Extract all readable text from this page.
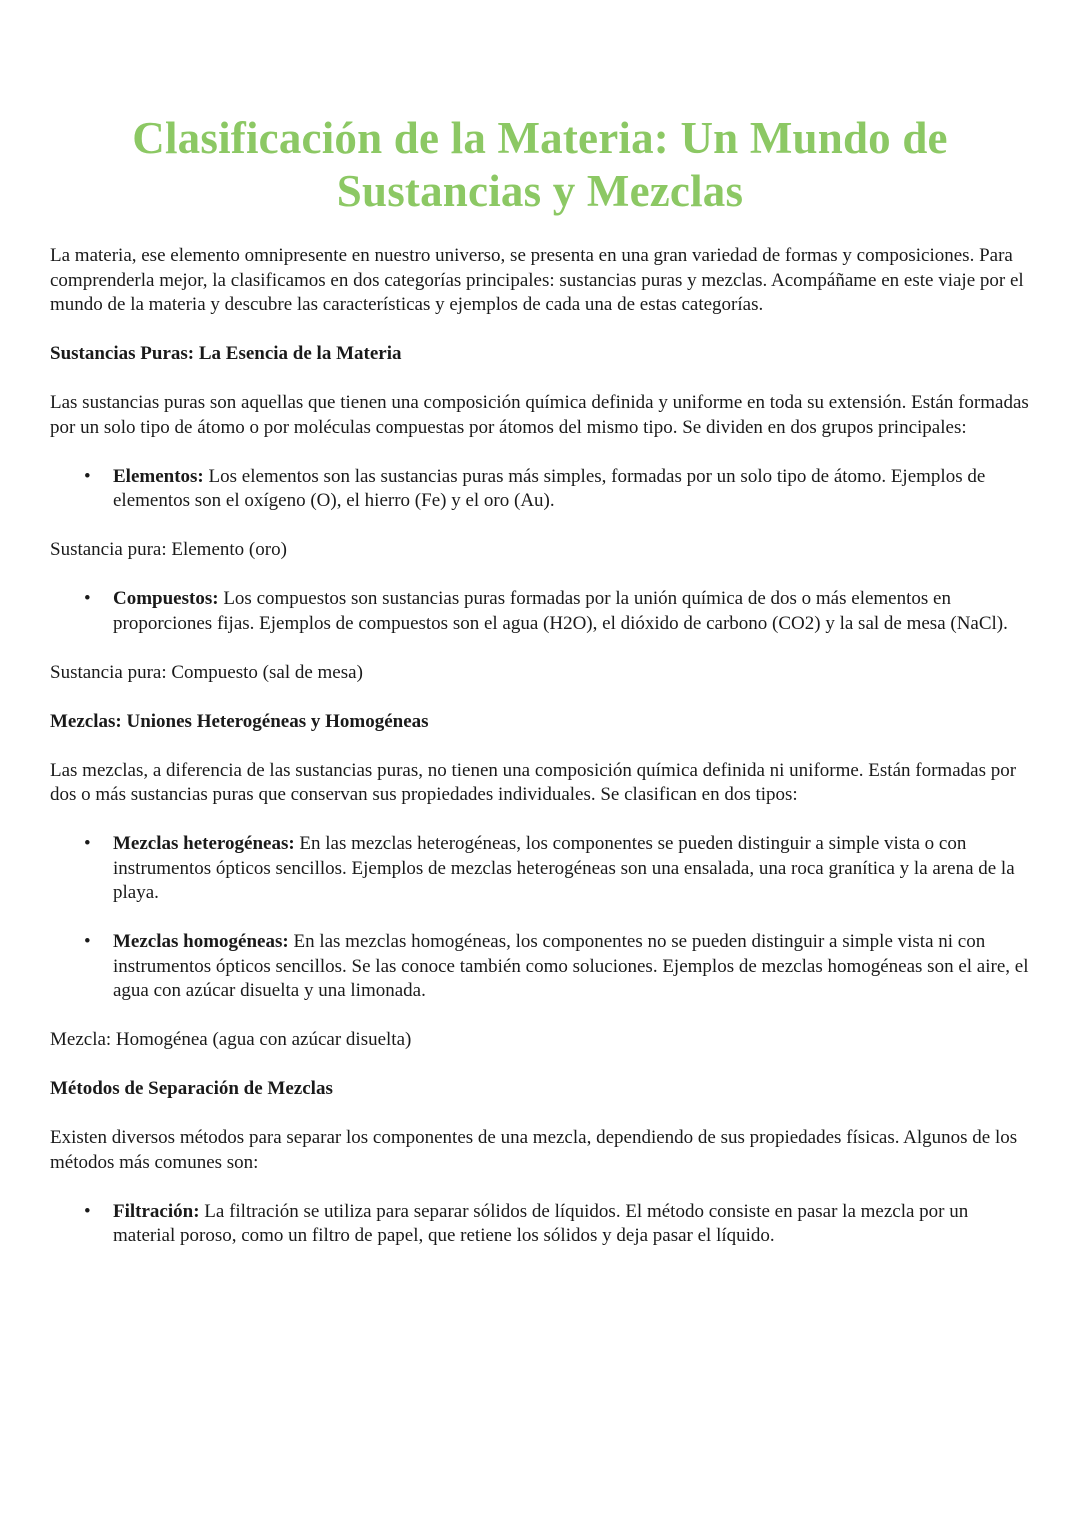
Clasificación de la Materia: Un Mundo de Sustancias y Mezclas

La materia, ese elemento omnipresente en nuestro universo, se presenta en una gran variedad de formas y composiciones. Para comprenderla mejor, la clasificamos en dos categorías principales: sustancias puras y mezclas. Acompáñame en este viaje por el mundo de la materia y descubre las características y ejemplos de cada una de estas categorías.

Sustancias Puras: La Esencia de la Materia

Las sustancias puras son aquellas que tienen una composición química definida y uniforme en toda su extensión. Están formadas por un solo tipo de átomo o por moléculas compuestas por átomos del mismo tipo. Se dividen en dos grupos principales:

• Elementos: Los elementos son las sustancias puras más simples, formadas por un solo tipo de átomo. Ejemplos de elementos son el oxígeno (O), el hierro (Fe) y el oro (Au).

Sustancia pura: Elemento (oro)

• Compuestos: Los compuestos son sustancias puras formadas por la unión química de dos o más elementos en proporciones fijas. Ejemplos de compuestos son el agua (H2O), el dióxido de carbono (CO2) y la sal de mesa (NaCl).

Sustancia pura: Compuesto (sal de mesa)

Mezclas: Uniones Heterogéneas y Homogéneas

Las mezclas, a diferencia de las sustancias puras, no tienen una composición química definida ni uniforme. Están formadas por dos o más sustancias puras que conservan sus propiedades individuales. Se clasifican en dos tipos:

• Mezclas heterogéneas: En las mezclas heterogéneas, los componentes se pueden distinguir a simple vista o con instrumentos ópticos sencillos. Ejemplos de mezclas heterogéneas son una ensalada, una roca granítica y la arena de la playa.
• Mezclas homogéneas: En las mezclas homogéneas, los componentes no se pueden distinguir a simple vista ni con instrumentos ópticos sencillos. Se las conoce también como soluciones. Ejemplos de mezclas homogéneas son el aire, el agua con azúcar disuelta y una limonada.

Mezcla: Homogénea (agua con azúcar disuelta)

Métodos de Separación de Mezclas

Existen diversos métodos para separar los componentes de una mezcla, dependiendo de sus propiedades físicas. Algunos de los métodos más comunes son:

• Filtración: La filtración se utiliza para separar sólidos de líquidos. El método consiste en pasar la mezcla por un material poroso, como un filtro de papel, que retiene los sólidos y deja pasar el líquido.
